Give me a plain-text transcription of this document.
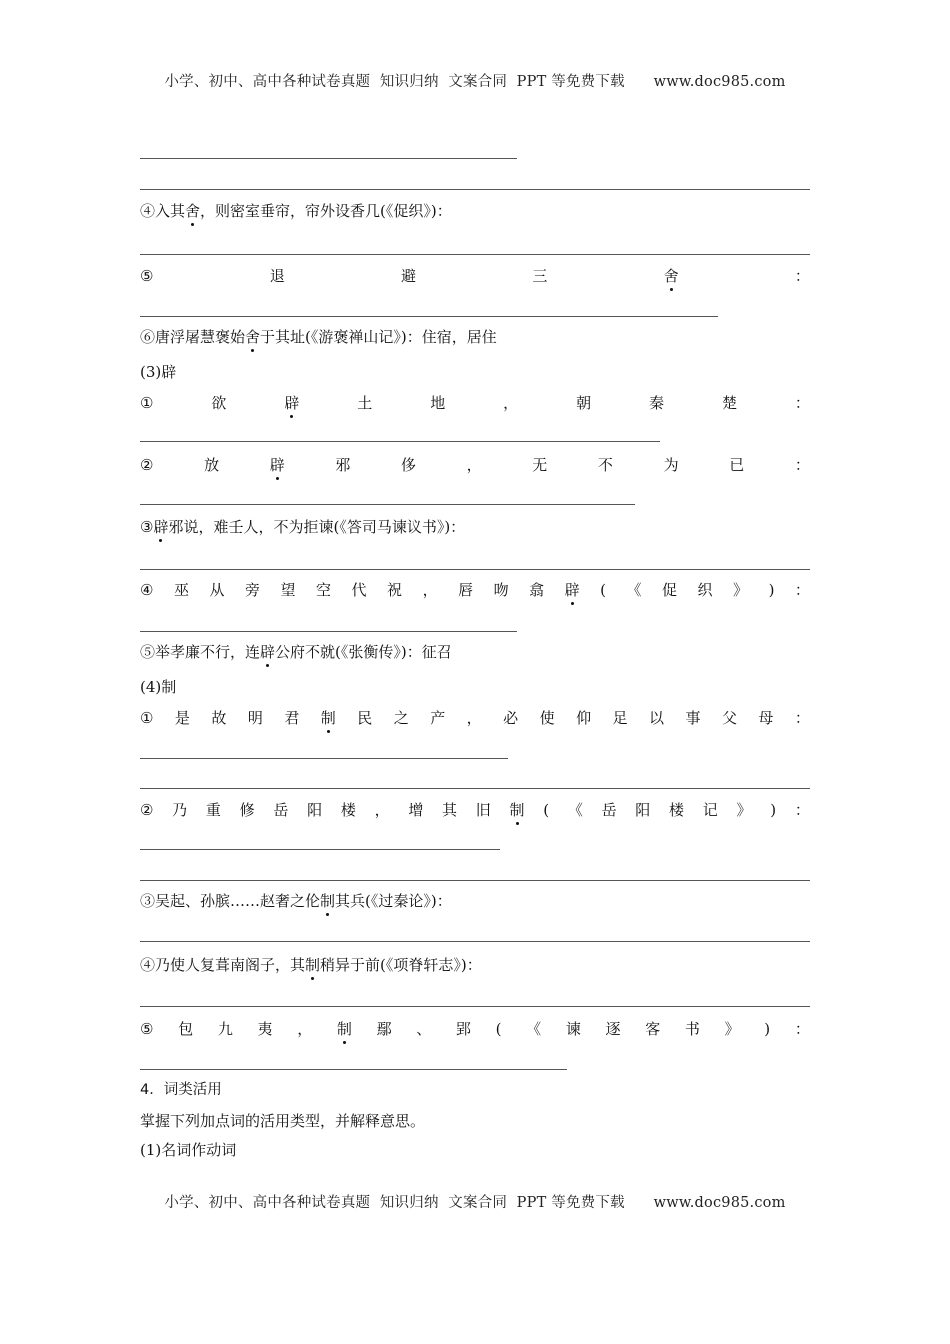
小学、初中、高中各种试卷真题  知识归纳  文案合同  PPT 等免费下载      www.doc985.com
④入其舍，则密室垂帘，帘外设香几(《促织》)：
⑤	退	避	三	舍	：
⑥唐浮屠慧褒始舍于其址(《游褒禅山记》)：住宿，居住
(3)辟
①	欲	辟	土	地	，	朝	秦	楚	：
②	放	辟	邪	侈	，	无	不	为	已	：
③辟邪说，难壬人，不为拒谏(《答司马谏议书》)：
④ 巫 从 旁 望 空 代 祝 ， 唇 吻 翕 辟 ( 《 促 织 》 ) ：
⑤举孝廉不行，连辟公府不就(《张衡传》)：征召
(4)制
① 是 故 明 君 制 民 之 产 ， 必 使 仰 足 以 事 父 母 ：
② 乃 重 修 岳 阳 楼 ， 增 其 旧 制 ( 《 岳 阳 楼 记 》 ) ：
③吴起、孙膑……赵奢之伦制其兵(《过秦论》)：
④乃使人复葺南阁子，其制稍异于前(《项脊轩志》)：
⑤ 包 九 夷 ， 制 鄢 、 郢 ( 《 谏 逐 客 书 》 ) ：
4．词类活用
掌握下列加点词的活用类型，并解释意思。
(1)名词作动词
小学、初中、高中各种试卷真题  知识归纳  文案合同  PPT 等免费下载      www.doc985.com
